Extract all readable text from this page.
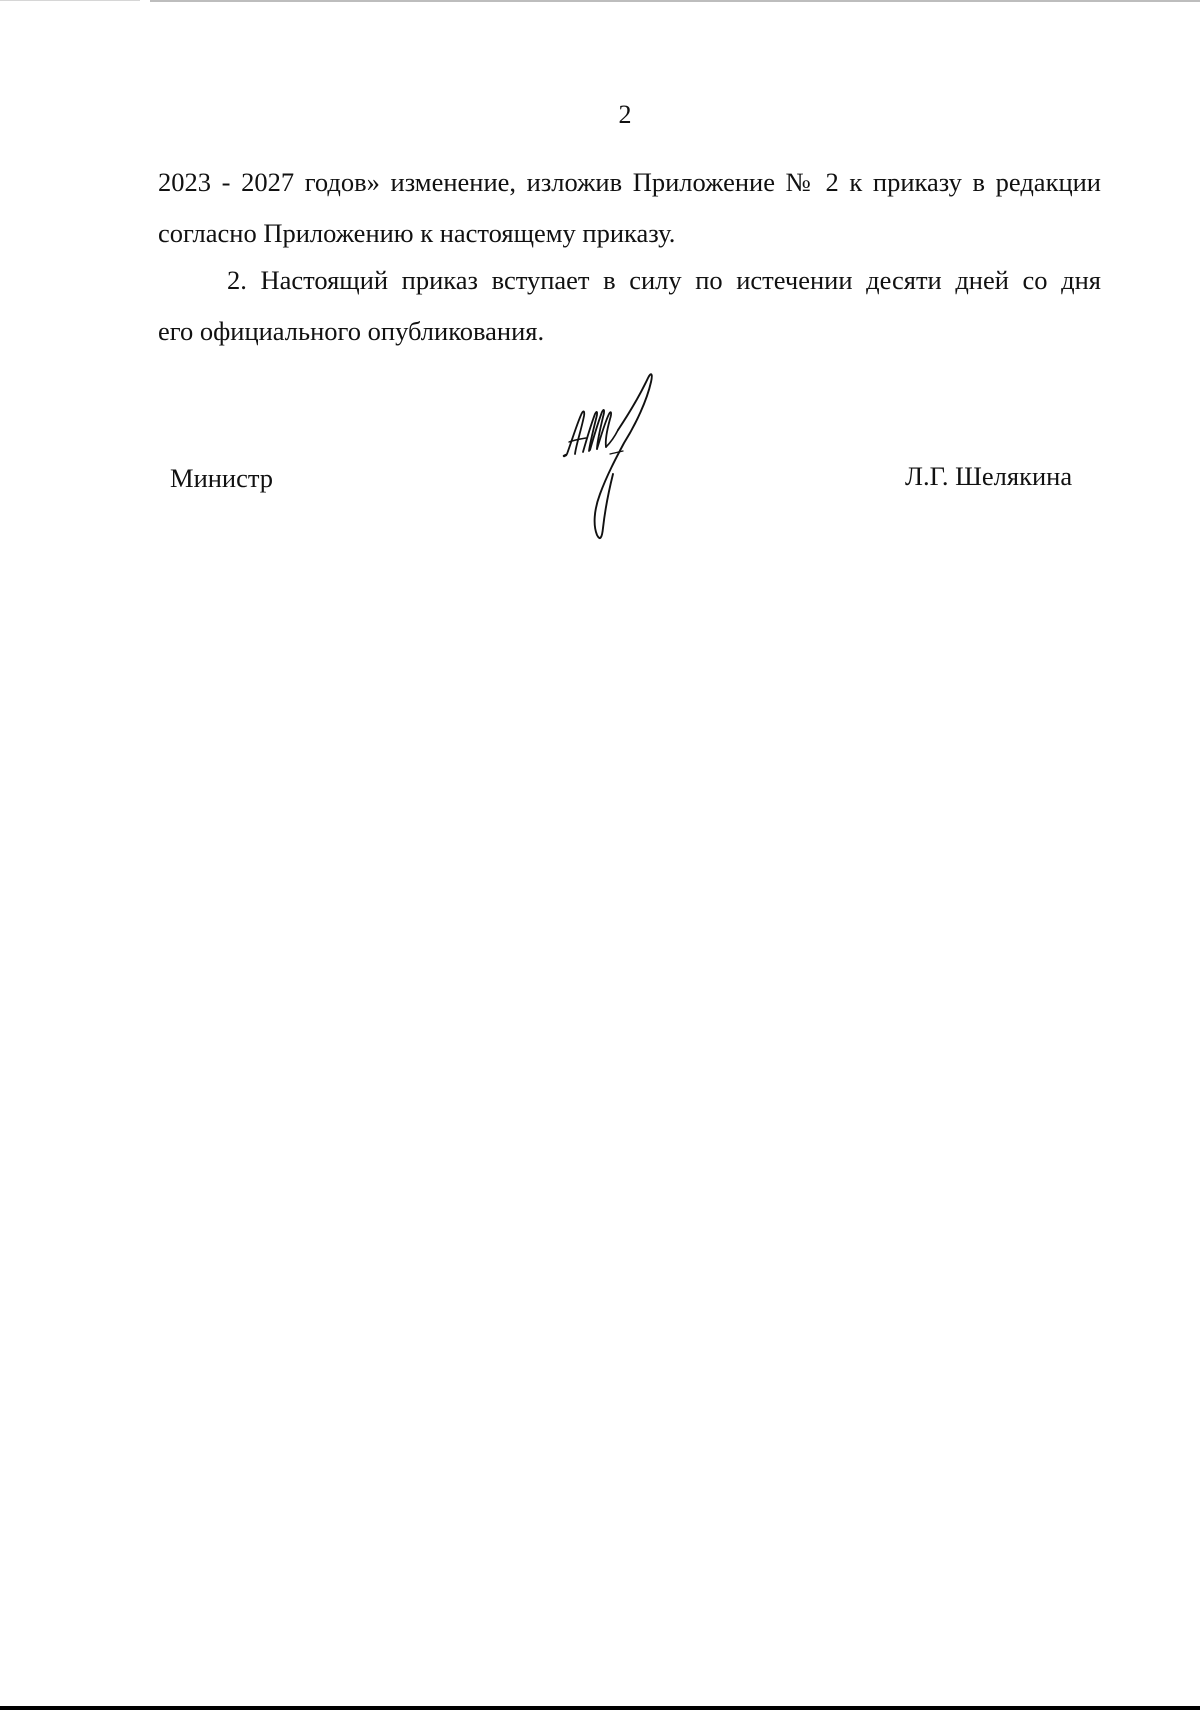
2
2023 - 2027 годов» изменение, изложив Приложение № 2 к приказу в редакции
согласно Приложению к настоящему приказу.
2. Настоящий приказ вступает в силу по истечении десяти дней со дня
его официального опубликования.
Министр	Л.Г. Шелякина
